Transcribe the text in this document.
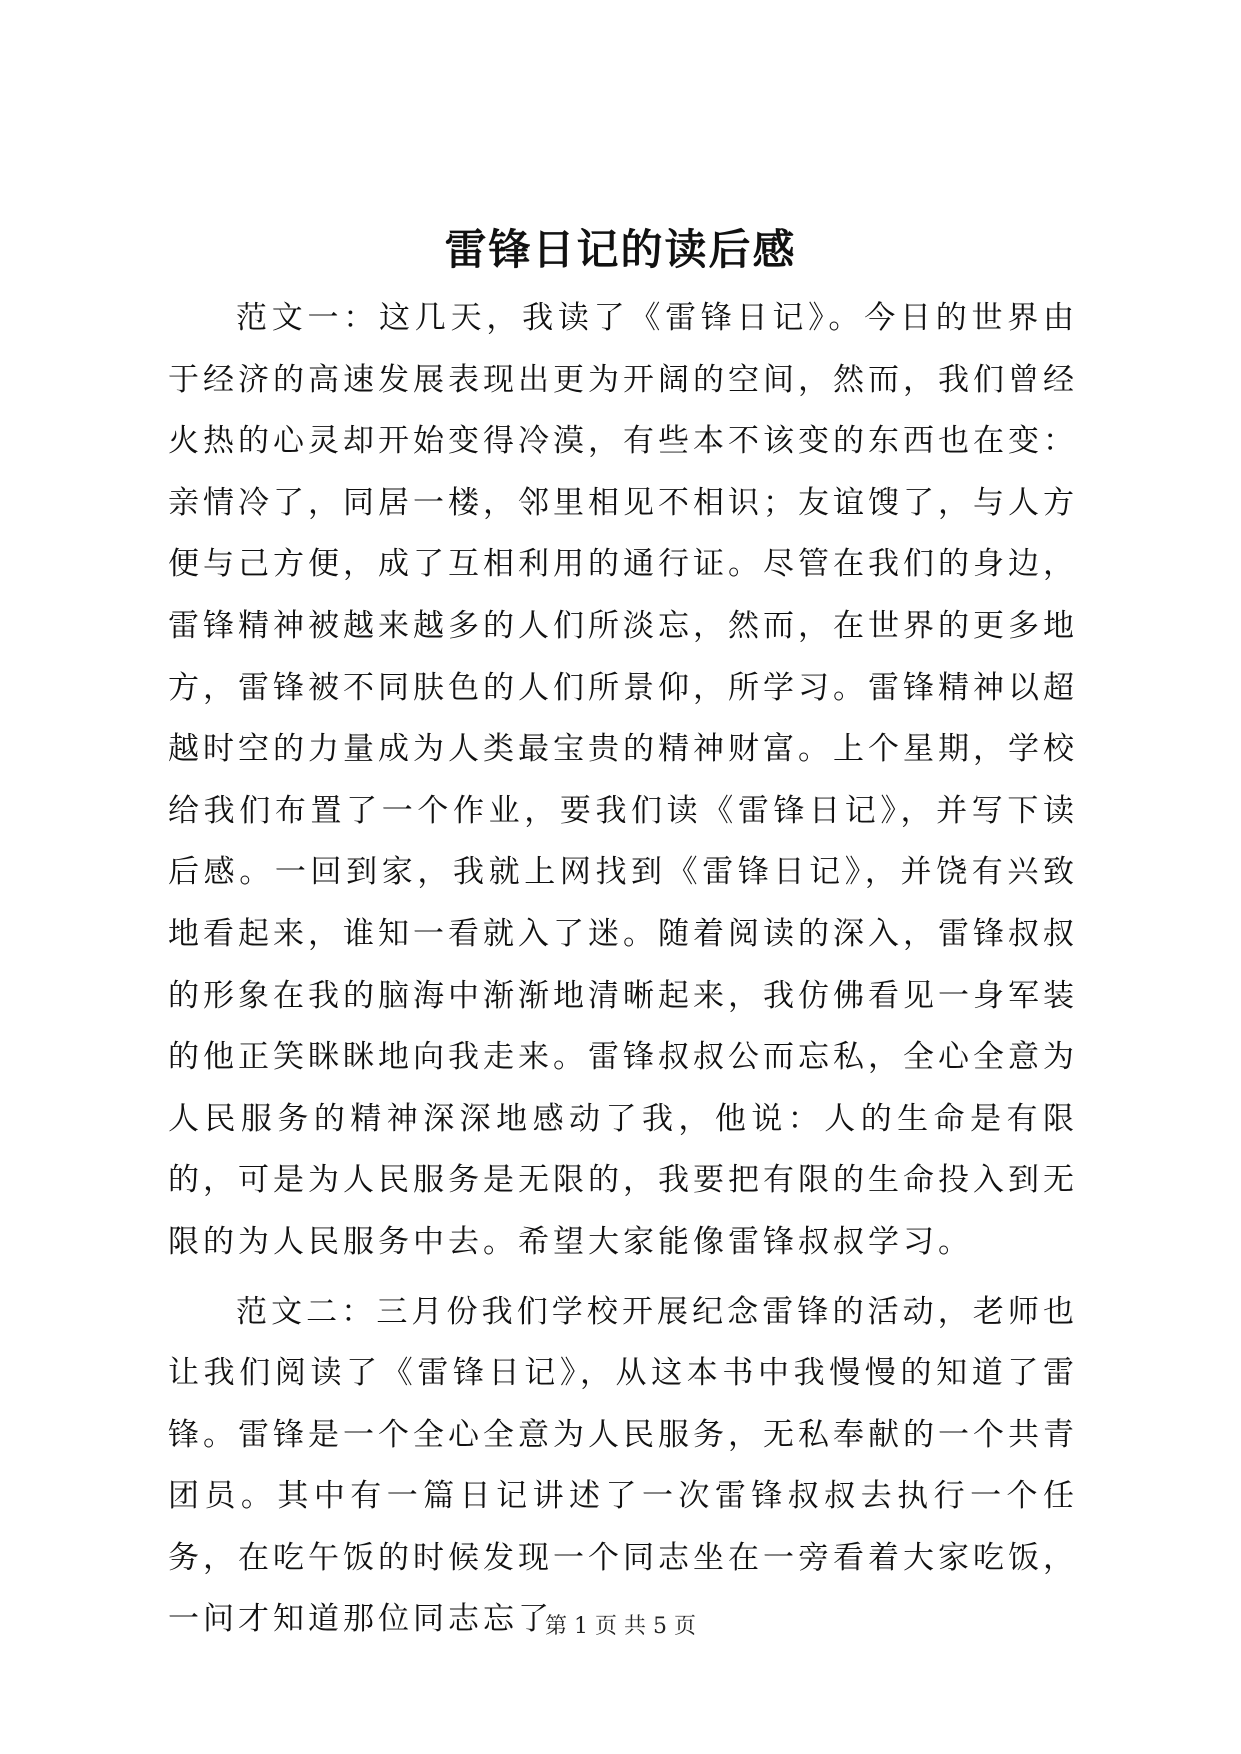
雷锋日记的读后感

范文一：这几天，我读了《雷锋日记》。今日的世界由于经济的高速发展表现出更为开阔的空间，然而，我们曾经火热的心灵却开始变得冷漠，有些本不该变的东西也在变：亲情冷了，同居一楼，邻里相见不相识；友谊馊了，与人方便与己方便，成了互相利用的通行证。尽管在我们的身边，雷锋精神被越来越多的人们所淡忘，然而，在世界的更多地方，雷锋被不同肤色的人们所景仰，所学习。雷锋精神以超越时空的力量成为人类最宝贵的精神财富。上个星期，学校给我们布置了一个作业，要我们读《雷锋日记》，并写下读后感。一回到家，我就上网找到《雷锋日记》，并饶有兴致地看起来，谁知一看就入了迷。随着阅读的深入，雷锋叔叔的形象在我的脑海中渐渐地清晰起来，我仿佛看见一身军装的他正笑眯眯地向我走来。雷锋叔叔公而忘私，全心全意为人民服务的精神深深地感动了我，他说：人的生命是有限的，可是为人民服务是无限的，我要把有限的生命投入到无限的为人民服务中去。希望大家能像雷锋叔叔学习。

范文二：三月份我们学校开展纪念雷锋的活动，老师也让我们阅读了《雷锋日记》，从这本书中我慢慢的知道了雷锋。雷锋是一个全心全意为人民服务，无私奉献的一个共青团员。其中有一篇日记讲述了一次雷锋叔叔去执行一个任务，在吃午饭的时候发现一个同志坐在一旁看着大家吃饭，一问才知道那位同志忘了

第 1 页 共 5 页
